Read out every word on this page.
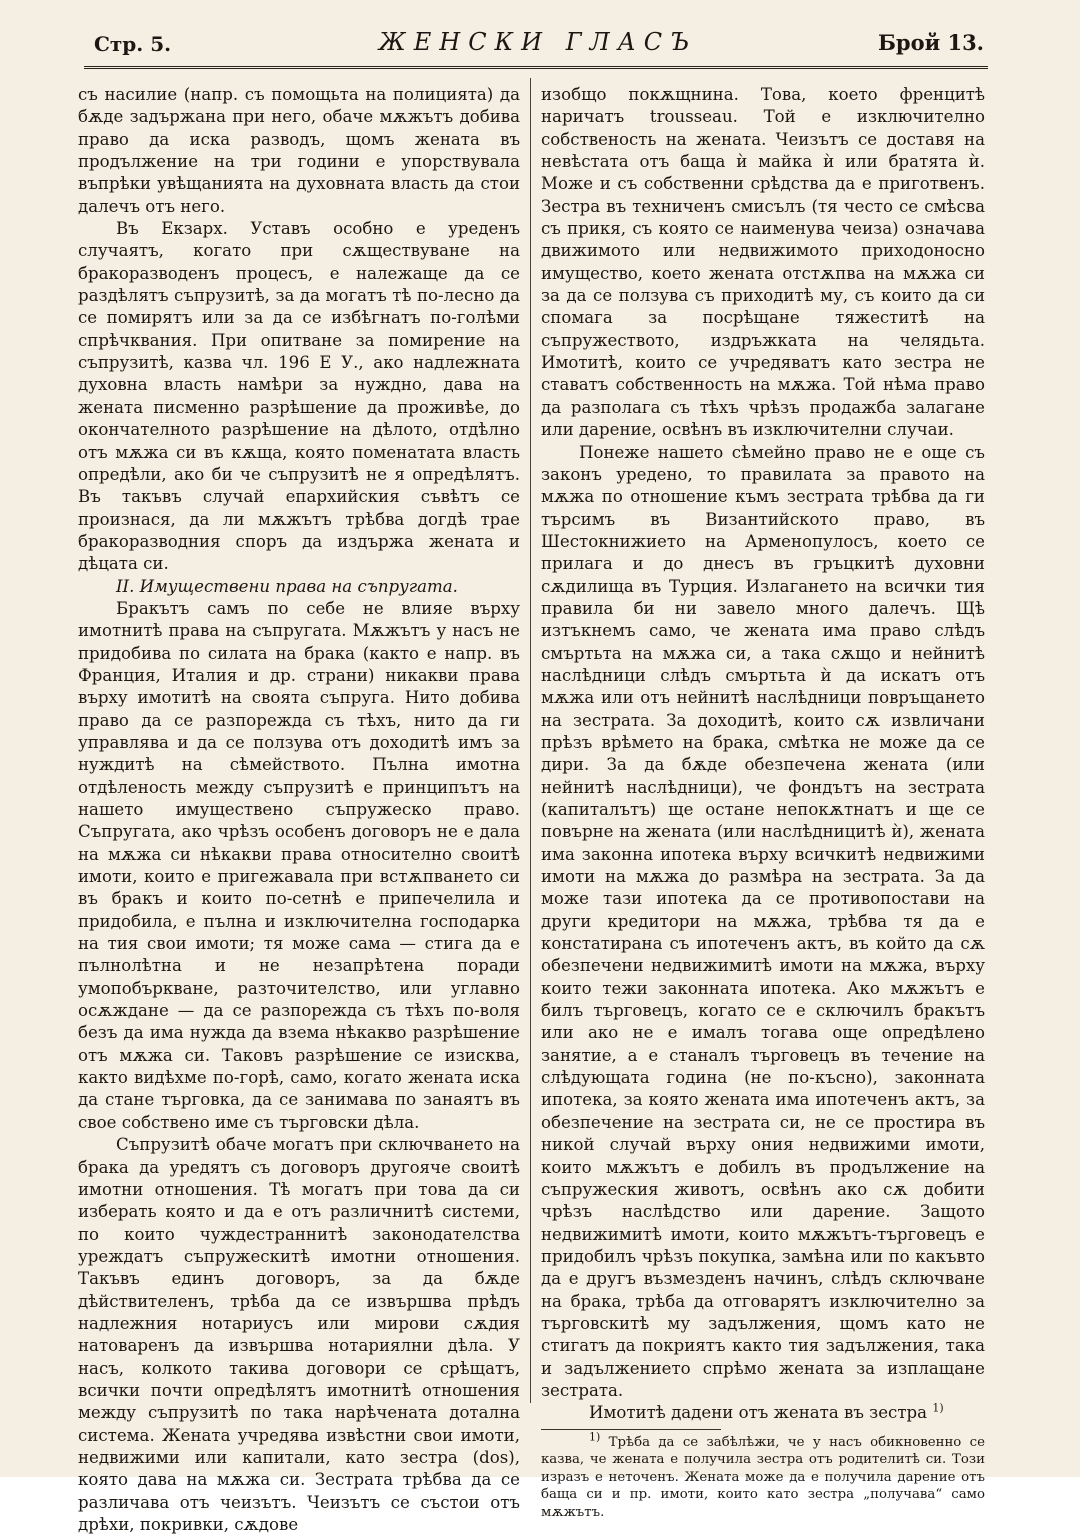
Стр. 5.	ЖЕНСКИ ГЛАСЪ	Брой 13.

съ насилие (напр. съ помощьта на полицията) да бѫде задържана при него, обаче мѫжътъ добива право да иска разводъ, щомъ жената въ продължение на три години е упорствувала въпрѣки увѣщанията на духовната власть да стои далечъ отъ него.

Въ Екзарх. Уставъ особно е уреденъ случаятъ, когато при сѫществуване на бракоразводенъ процесъ, е належаще да се раздѣлятъ съпрузитѣ, за да могатъ тѣ по-лесно да се помирятъ или за да се избѣгнатъ по-голѣми спрѣчквания. При опитване за помирение на съпрузитѣ, казва чл. 196 Е У., ако надлежната духовна власть намѣри за нуждно, дава на жената писменно разрѣшение да проживѣе, до окончателното разрѣшение на дѣлото, отдѣлно отъ мѫжа си въ кѫща, която поменатата власть опредѣли, ако би че съпрузитѣ не я опредѣлятъ. Въ такъвъ случай епархийския съвѣтъ се произнася, да ли мѫжътъ трѣбва догдѣ трае бракоразводния споръ да издържа жената и дѣцата си.

II. Имуществени права на съпругата.

Бракътъ самъ по себе не влияе върху имотнитѣ права на съпругата. Мѫжътъ у насъ не придобива по силата на брака (както е напр. въ Франция, Италия и др. страни) никакви права върху имотитѣ на своята съпруга. Нито добива право да се разпорежда съ тѣхъ, нито да ги управлява и да се ползува отъ доходитѣ имъ за нуждитѣ на сѣмейството. Пълна имотна отдѣленость между съпрузитѣ е принципътъ на нашето имуществено съпружеско право. Съпругата, ако чрѣзъ особенъ договоръ не е дала на мѫжа си нѣкакви права относително своитѣ имоти, които е пригежавала при встѫпването си въ бракъ и които по-сетнѣ е припечелила и придобила, е пълна и изключителна господарка на тия свои имоти; тя може сама — стига да е пълнолѣтна и не незапрѣтена поради умопобъркване, разточителство, или углавно осѫждане — да се разпорежда съ тѣхъ по-воля безъ да има нужда да взема нѣкакво разрѣшение отъ мѫжа си. Таковъ разрѣшение се изисква, както видѣхме по-горѣ, само, когато жената иска да стане търговка, да се занимава по занаятъ въ свое собствено име съ търговски дѣла.

Съпрузитѣ обаче могатъ при сключването на брака да уредятъ съ договоръ другояче своитѣ имотни отношения. Тѣ могатъ при това да си изберать която и да е отъ различнитѣ системи, по които чуждестраннитѣ законодателства уреждатъ съпружескитѣ имотни отношения. Такъвъ единъ договоръ, за да бѫде дѣйствителенъ, трѣба да се извършва прѣдъ надлежния нотариусъ или мирови сѫдия натоваренъ да извършва нотариялни дѣла. У насъ, колкото такива договори се срѣщатъ, всички почти опредѣлятъ имотнитѣ отношения между съпрузитѣ по така нарѣчената дотална система. Жената учредява извѣстни свои имоти, недвижими или капитали, като зестра (dos), която дава на мѫжа си. Зестрата трѣбва да се различава отъ чеизътъ. Чеизътъ се състои отъ дрѣхи, покривки, сѫдове

изобщо покѫщнина. Това, което френцитѣ наричатъ trousseau. Той е изключително собственость на жената. Чеизътъ се доставя на невѣстата отъ баща ѝ майка ѝ или братята ѝ. Може и съ собственни срѣдства да е приготвенъ. Зестра въ техниченъ смисълъ (тя често се смѣсва съ прикя, съ която се наименува чеиза) означава движимото или недвижимото приходоносно имущество, което жената отстѫпва на мѫжа си за да се ползува съ приходитѣ му, съ които да си спомага за посрѣщане тяжеститѣ на съпружеството, издръжката на челядьта. Имотитѣ, които се учредяватъ като зестра не ставатъ собственность на мѫжа. Той нѣма право да разполага съ тѣхъ чрѣзъ продажба залагане или дарение, освѣнъ въ изключителни случаи.

Понеже нашето сѣмейно право не е още съ законъ уредено, то правилата за правото на мѫжа по отношение къмъ зестрата трѣбва да ги търсимъ въ Византийското право, въ Шестокнижието на Арменопулосъ, което се прилага и до днесъ въ гръцкитѣ духовни сѫдилища въ Турция. Излагането на всички тия правила би ни завело много далечъ. Щѣ изтъкнемъ само, че жената има право слѣдъ смъртьта на мѫжа си, а така сѫщо и нейнитѣ наслѣдници слѣдъ смъртьта ѝ да искатъ отъ мѫжа или отъ нейнитѣ наслѣдници повръщането на зестрата. За доходитѣ, които сѫ извличани прѣзъ врѣмето на брака, смѣтка не може да се дири. За да бѫде обезпечена жената (или нейнитѣ наслѣдници), че фондътъ на зестрата (капиталътъ) ще остане непокѫтнатъ и ще се повърне на жената (или наслѣдницитѣ ѝ), жената има законна ипотека върху всичкитѣ недвижими имоти на мѫжа до размѣра на зестрата. За да може тази ипотека да се противопостави на други кредитори на мѫжа, трѣбва тя да е констатирана съ ипотеченъ актъ, въ който да сѫ обезпечени недвижимитѣ имоти на мѫжа, върху които тежи законната ипотека. Ако мѫжътъ е билъ търговецъ, когато се е сключилъ бракътъ или ако не е ималъ тогава още опредѣлено занятие, а е станалъ търговецъ въ течение на слѣдующата година (не по-късно), законната ипотека, за която жената има ипотеченъ актъ, за обезпечение на зестрата си, не се простира въ никой случай върху ония недвижими имоти, които мѫжътъ е добилъ въ продължение на съпружеския животъ, освѣнъ ако сѫ добити чрѣзъ наслѣдство или дарение. Защото недвижимитѣ имоти, които мѫжътъ-търговецъ е придобилъ чрѣзъ покупка, замѣна или по какъвто да е другъ възмезденъ начинъ, слѣдъ сключване на брака, трѣба да отговарятъ изключително за търговскитѣ му задължения, щомъ като не стигатъ да покриятъ както тия задължения, така и задължението спрѣмо жената за изплащане зестрата.

Имотитѣ дадени отъ жената въ зестра $^{1)}$

$^{1)}$ Трѣба да се забѣлѣжи, че у насъ обикновенно се казва, че жената е получила зестра отъ родителитѣ си. Този изразъ е неточенъ. Жената може да е получила дарение отъ баща си и пр. имоти, които като зестра „получава“ само мѫжътъ.
